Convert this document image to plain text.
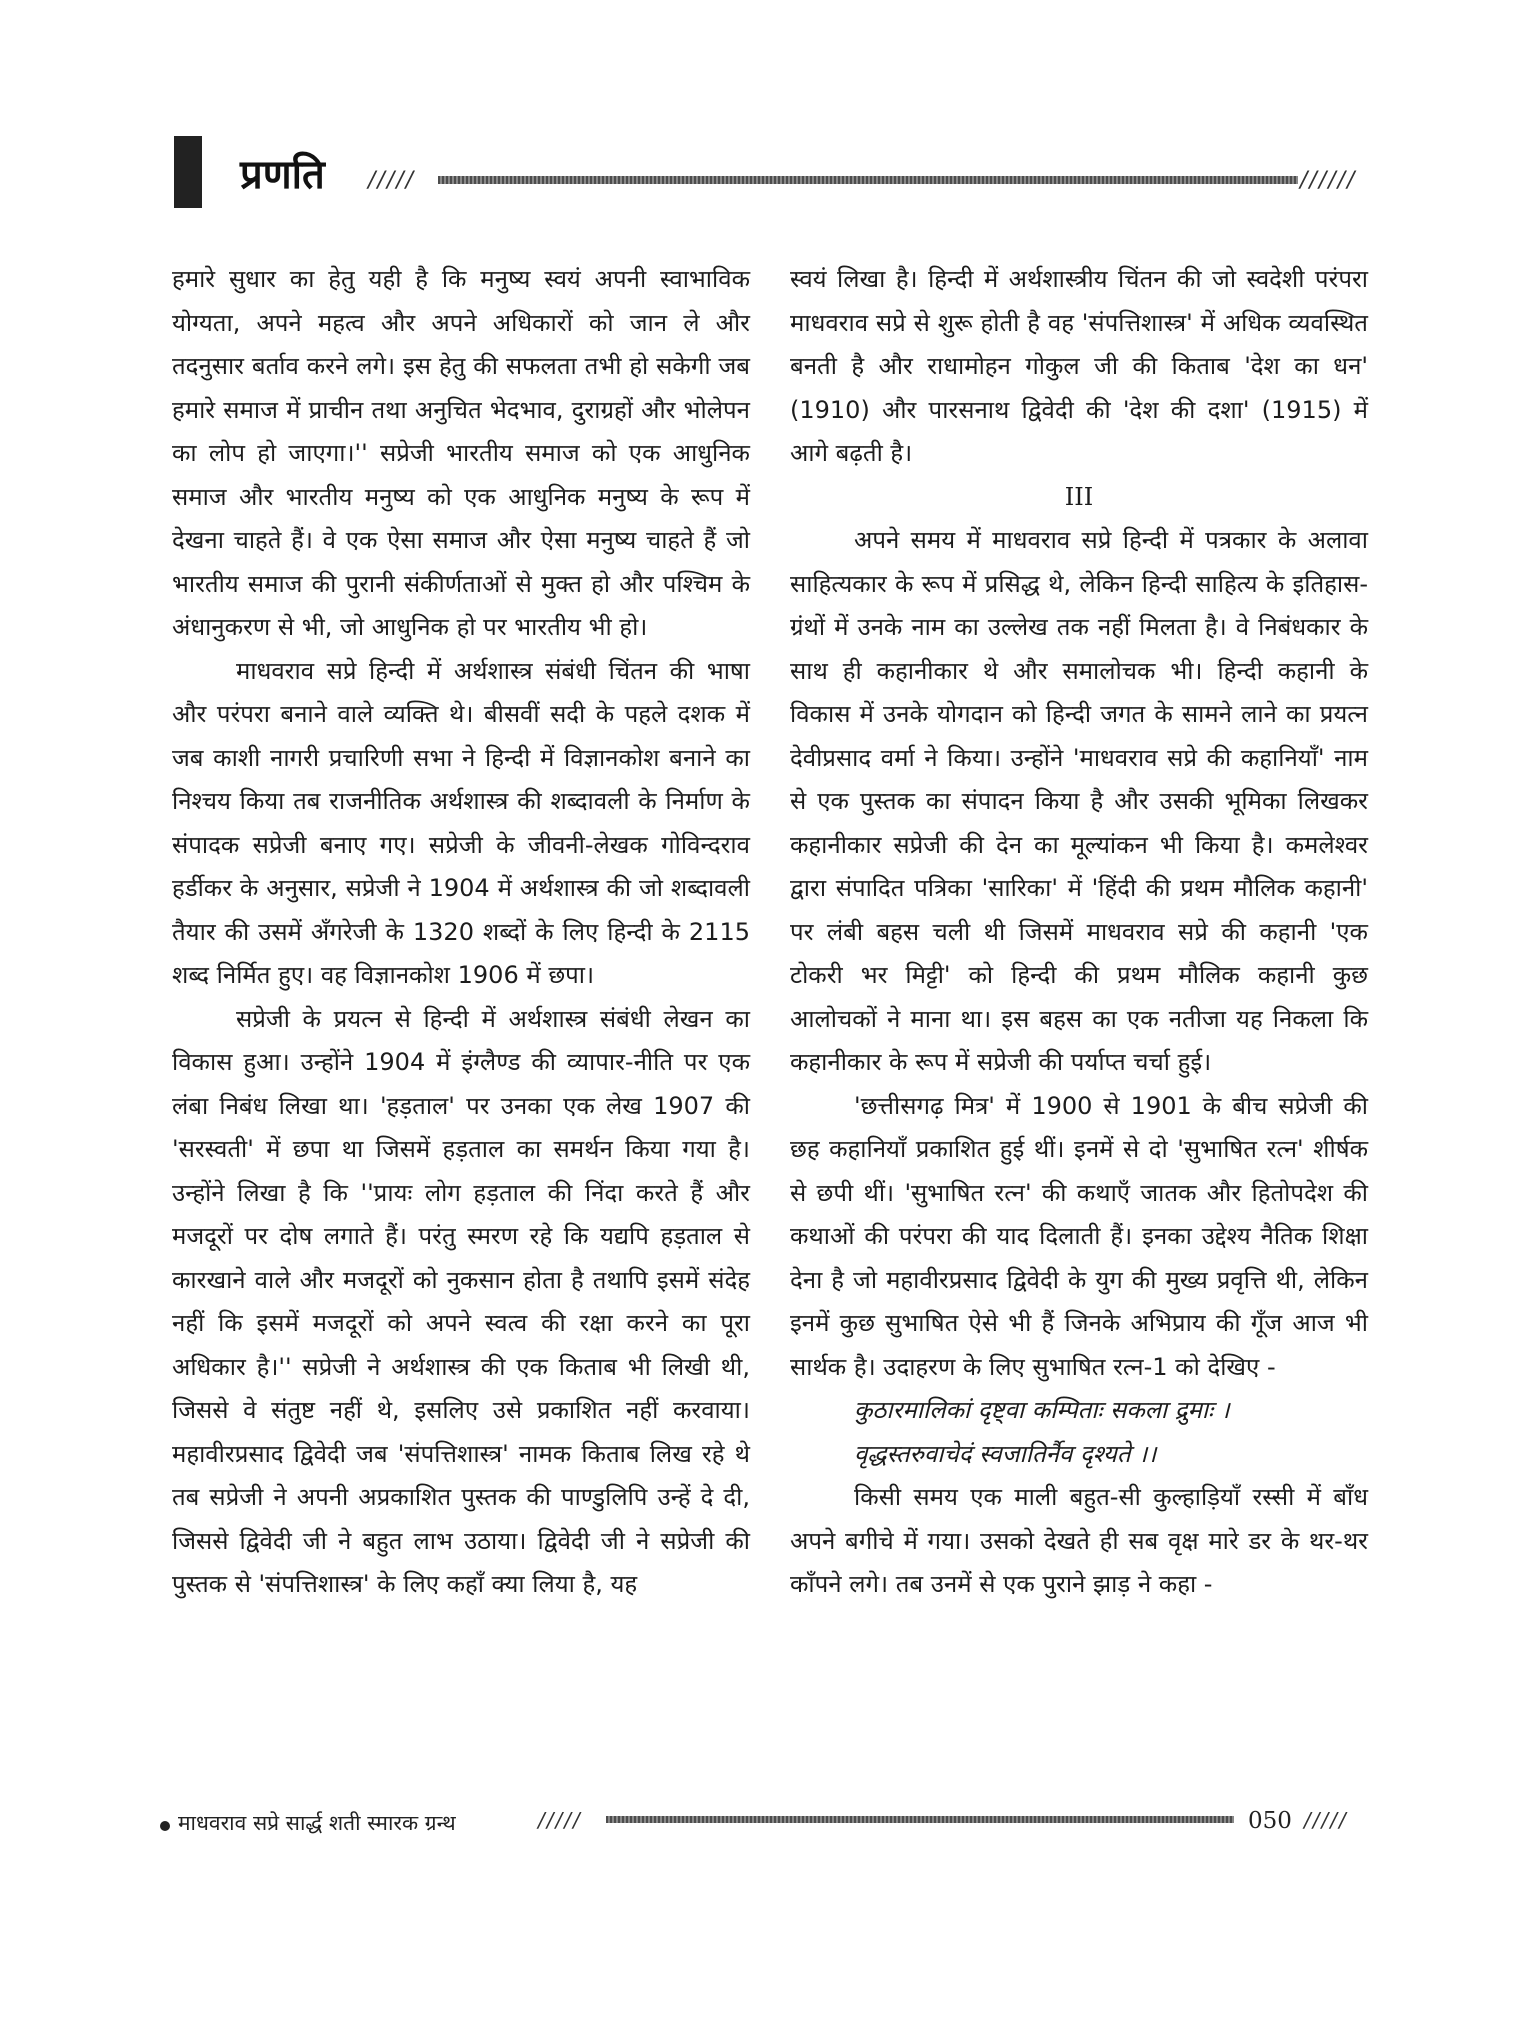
प्रणति /////	//////

हमारे सुधार का हेतु यही है कि मनुष्य स्वयं अपनी स्वाभाविक योग्यता, अपने महत्व और अपने अधिकारों को जान ले और तदनुसार बर्ताव करने लगे। इस हेतु की सफलता तभी हो सकेगी जब हमारे समाज में प्राचीन तथा अनुचित भेदभाव, दुराग्रहों और भोलेपन का लोप हो जाएगा।'' सप्रेजी भारतीय समाज को एक आधुनिक समाज और भारतीय मनुष्य को एक आधुनिक मनुष्य के रूप में देखना चाहते हैं। वे एक ऐसा समाज और ऐसा मनुष्य चाहते हैं जो भारतीय समाज की पुरानी संकीर्णताओं से मुक्त हो और पश्चिम के अंधानुकरण से भी, जो आधुनिक हो पर भारतीय भी हो।

माधवराव सप्रे हिन्दी में अर्थशास्त्र संबंधी चिंतन की भाषा और परंपरा बनाने वाले व्यक्ति थे। बीसवीं सदी के पहले दशक में जब काशी नागरी प्रचारिणी सभा ने हिन्दी में विज्ञानकोश बनाने का निश्चय किया तब राजनीतिक अर्थशास्त्र की शब्दावली के निर्माण के संपादक सप्रेजी बनाए गए। सप्रेजी के जीवनी-लेखक गोविन्दराव हर्डीकर के अनुसार, सप्रेजी ने 1904 में अर्थशास्त्र की जो शब्दावली तैयार की उसमें अँगरेजी के 1320 शब्दों के लिए हिन्दी के 2115 शब्द निर्मित हुए। वह विज्ञानकोश 1906 में छपा।

सप्रेजी के प्रयत्न से हिन्दी में अर्थशास्त्र संबंधी लेखन का विकास हुआ। उन्होंने 1904 में इंग्लैण्ड की व्यापार-नीति पर एक लंबा निबंध लिखा था। 'हड़ताल' पर उनका एक लेख 1907 की 'सरस्वती' में छपा था जिसमें हड़ताल का समर्थन किया गया है। उन्होंने लिखा है कि ''प्रायः लोग हड़ताल की निंदा करते हैं और मजदूरों पर दोष लगाते हैं। परंतु स्मरण रहे कि यद्यपि हड़ताल से कारखाने वाले और मजदूरों को नुकसान होता है तथापि इसमें संदेह नहीं कि इसमें मजदूरों को अपने स्वत्व की रक्षा करने का पूरा अधिकार है।'' सप्रेजी ने अर्थशास्त्र की एक किताब भी लिखी थी, जिससे वे संतुष्ट नहीं थे, इसलिए उसे प्रकाशित नहीं करवाया। महावीरप्रसाद द्विवेदी जब 'संपत्तिशास्त्र' नामक किताब लिख रहे थे तब सप्रेजी ने अपनी अप्रकाशित पुस्तक की पाण्डुलिपि उन्हें दे दी, जिससे द्विवेदी जी ने बहुत लाभ उठाया। द्विवेदी जी ने सप्रेजी की पुस्तक से 'संपत्तिशास्त्र' के लिए कहाँ क्या लिया है, यह

स्वयं लिखा है। हिन्दी में अर्थशास्त्रीय चिंतन की जो स्वदेशी परंपरा माधवराव सप्रे से शुरू होती है वह 'संपत्तिशास्त्र' में अधिक व्यवस्थित बनती है और राधामोहन गोकुल जी की किताब 'देश का धन' (1910) और पारसनाथ द्विवेदी की 'देश की दशा' (1915) में आगे बढ़ती है।

III

अपने समय में माधवराव सप्रे हिन्दी में पत्रकार के अलावा साहित्यकार के रूप में प्रसिद्ध थे, लेकिन हिन्दी साहित्य के इतिहास-ग्रंथों में उनके नाम का उल्लेख तक नहीं मिलता है। वे निबंधकार के साथ ही कहानीकार थे और समालोचक भी। हिन्दी कहानी के विकास में उनके योगदान को हिन्दी जगत के सामने लाने का प्रयत्न देवीप्रसाद वर्मा ने किया। उन्होंने 'माधवराव सप्रे की कहानियाँ' नाम से एक पुस्तक का संपादन किया है और उसकी भूमिका लिखकर कहानीकार सप्रेजी की देन का मूल्यांकन भी किया है। कमलेश्वर द्वारा संपादित पत्रिका 'सारिका' में 'हिंदी की प्रथम मौलिक कहानी' पर लंबी बहस चली थी जिसमें माधवराव सप्रे की कहानी 'एक टोकरी भर मिट्टी' को हिन्दी की प्रथम मौलिक कहानी कुछ आलोचकों ने माना था। इस बहस का एक नतीजा यह निकला कि कहानीकार के रूप में सप्रेजी की पर्याप्त चर्चा हुई।

'छत्तीसगढ़ मित्र' में 1900 से 1901 के बीच सप्रेजी की छह कहानियाँ प्रकाशित हुई थीं। इनमें से दो 'सुभाषित रत्न' शीर्षक से छपी थीं। 'सुभाषित रत्न' की कथाएँ जातक और हितोपदेश की कथाओं की परंपरा की याद दिलाती हैं। इनका उद्देश्य नैतिक शिक्षा देना है जो महावीरप्रसाद द्विवेदी के युग की मुख्य प्रवृत्ति थी, लेकिन इनमें कुछ सुभाषित ऐसे भी हैं जिनके अभिप्राय की गूँज आज भी सार्थक है। उदाहरण के लिए सुभाषित रत्न-1 को देखिए -

कुठारमालिकां दृष्ट्वा कम्पिताः सकला द्रुमाः ।

वृद्धस्तरुवाचेदं स्वजातिर्नैव दृश्यते ।।

किसी समय एक माली बहुत-सी कुल्हाड़ियाँ रस्सी में बाँध अपने बगीचे में गया। उसको देखते ही सब वृक्ष मारे डर के थर-थर काँपने लगे। तब उनमें से एक पुराने झाड़ ने कहा -

माधवराव सप्रे सार्द्ध शती स्मारक ग्रन्थ	/////	050 /////
